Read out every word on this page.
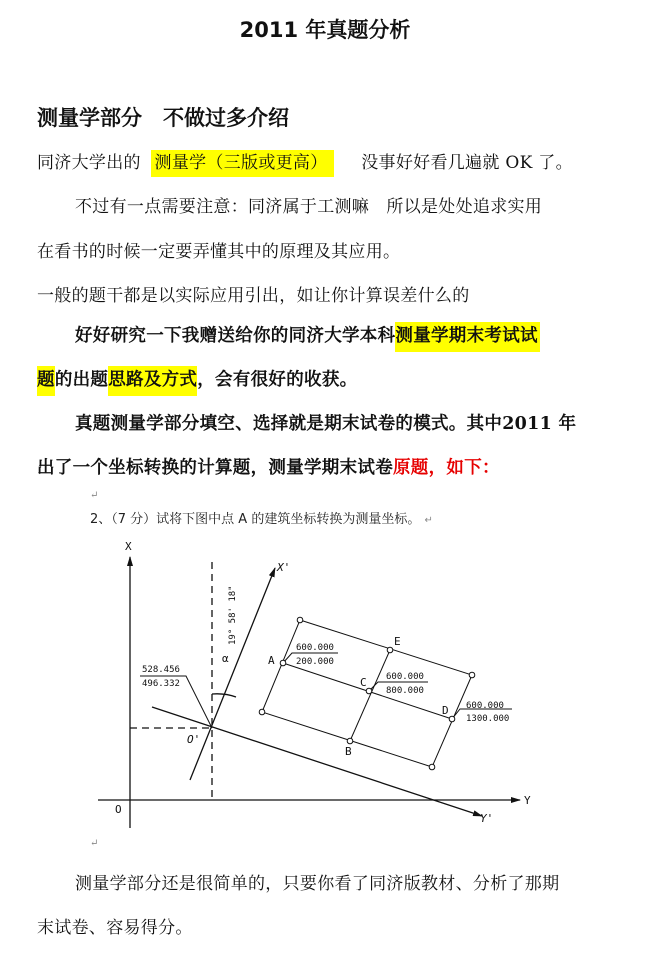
2011 年真题分析
测量学部分　不做过多介绍
同济大学出的 测量学（三版或更高） 没事好好看几遍就 OK 了。
不过有一点需要注意：同济属于工测嘛　所以是处处追求实用
在看书的时候一定要弄懂其中的原理及其应用。
一般的题干都是以实际应用引出，如让你计算误差什么的
好好研究一下我赠送给你的同济大学本科测量学期末考试试
题的出题思路及方式，会有很好的收获。
真题测量学部分填空、选择就是期末试卷的模式。其中2011 年
出了一个坐标转换的计算题，测量学期末试卷原题，如下：
↵
2、（7 分）试将下图中点 A 的建筑坐标转换为测量坐标。 ↵
X
Y
X'
Y'
O
O'
α
19° 58' 18"
528.456
496.332
A
600.000
200.000
B
C 600.000
800.000
D 600.000
1300.000
E
↵
测量学部分还是很简单的，只要你看了同济版教材、分析了那期
末试卷、容易得分。
